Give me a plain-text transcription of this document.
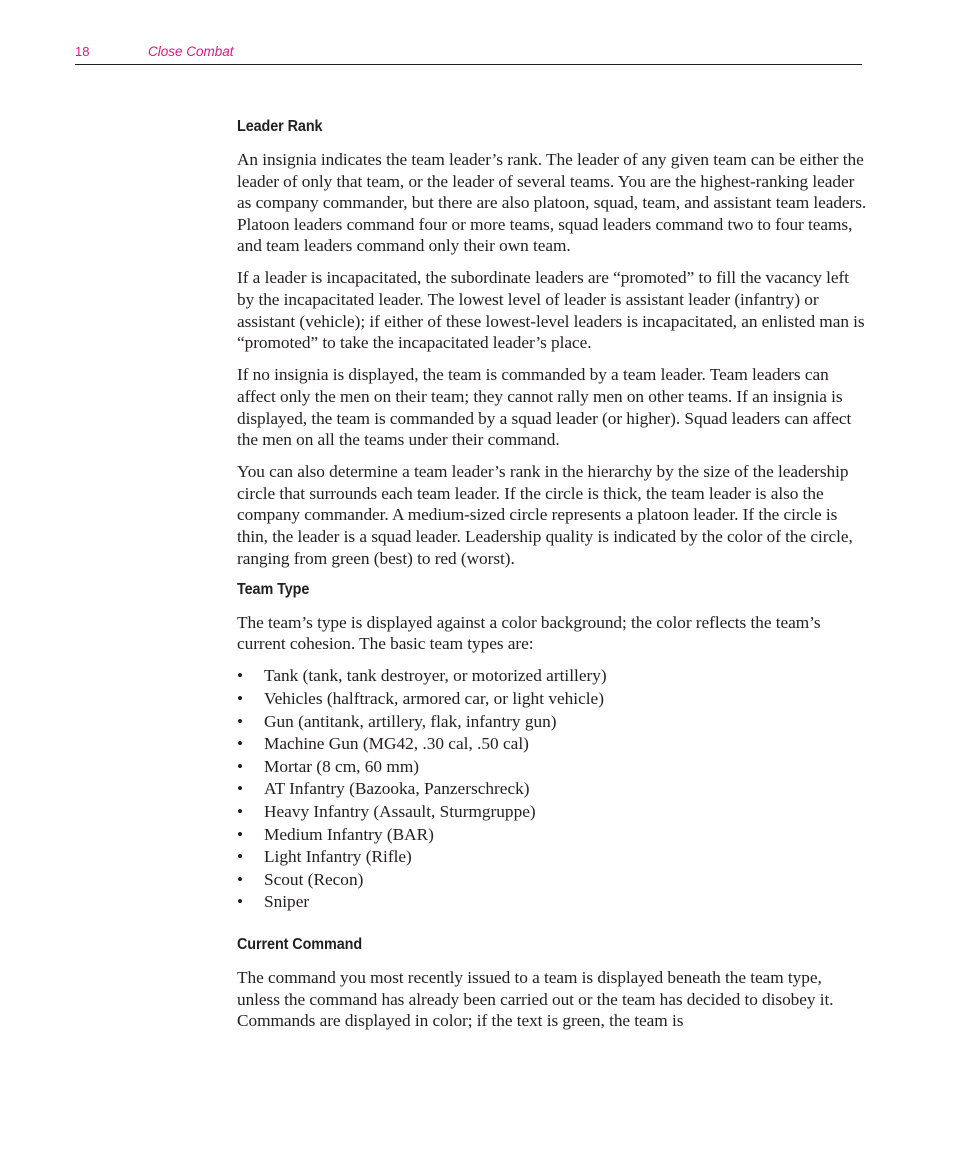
18	Close Combat
Leader Rank

An insignia indicates the team leader’s rank. The leader of any given team can be either the leader of only that team, or the leader of several teams. You are the highest-ranking leader as company commander, but there are also platoon, squad, team, and assistant team leaders. Platoon leaders command four or more teams, squad leaders command two to four teams, and team leaders command only their own team.

If a leader is incapacitated, the subordinate leaders are “promoted” to fill the vacancy left by the incapacitated leader. The lowest level of leader is assistant leader (infantry) or assistant (vehicle); if either of these lowest-level leaders is incapacitated, an enlisted man is “promoted” to take the incapacitated leader’s place.

If no insignia is displayed, the team is commanded by a team leader. Team leaders can affect only the men on their team; they cannot rally men on other teams. If an insignia is displayed, the team is commanded by a squad leader (or higher). Squad leaders can affect the men on all the teams under their command.

You can also determine a team leader’s rank in the hierarchy by the size of the leadership circle that surrounds each team leader. If the circle is thick, the team leader is also the company commander. A medium-sized circle represents a platoon leader. If the circle is thin, the leader is a squad leader. Leadership quality is indicated by the color of the circle, ranging from green (best) to red (worst).

Team Type

The team’s type is displayed against a color background; the color reflects the team’s current cohesion. The basic team types are:

• Tank (tank, tank destroyer, or motorized artillery)
• Vehicles (halftrack, armored car, or light vehicle)
• Gun (antitank, artillery, flak, infantry gun)
• Machine Gun (MG42, .30 cal, .50 cal)
• Mortar (8 cm, 60 mm)
• AT Infantry (Bazooka, Panzerschreck)
• Heavy Infantry (Assault, Sturmgruppe)
• Medium Infantry (BAR)
• Light Infantry (Rifle)
• Scout (Recon)
• Sniper
Current Command

The command you most recently issued to a team is displayed beneath the team type, unless the command has already been carried out or the team has decided to disobey it. Commands are displayed in color; if the text is green, the team is
